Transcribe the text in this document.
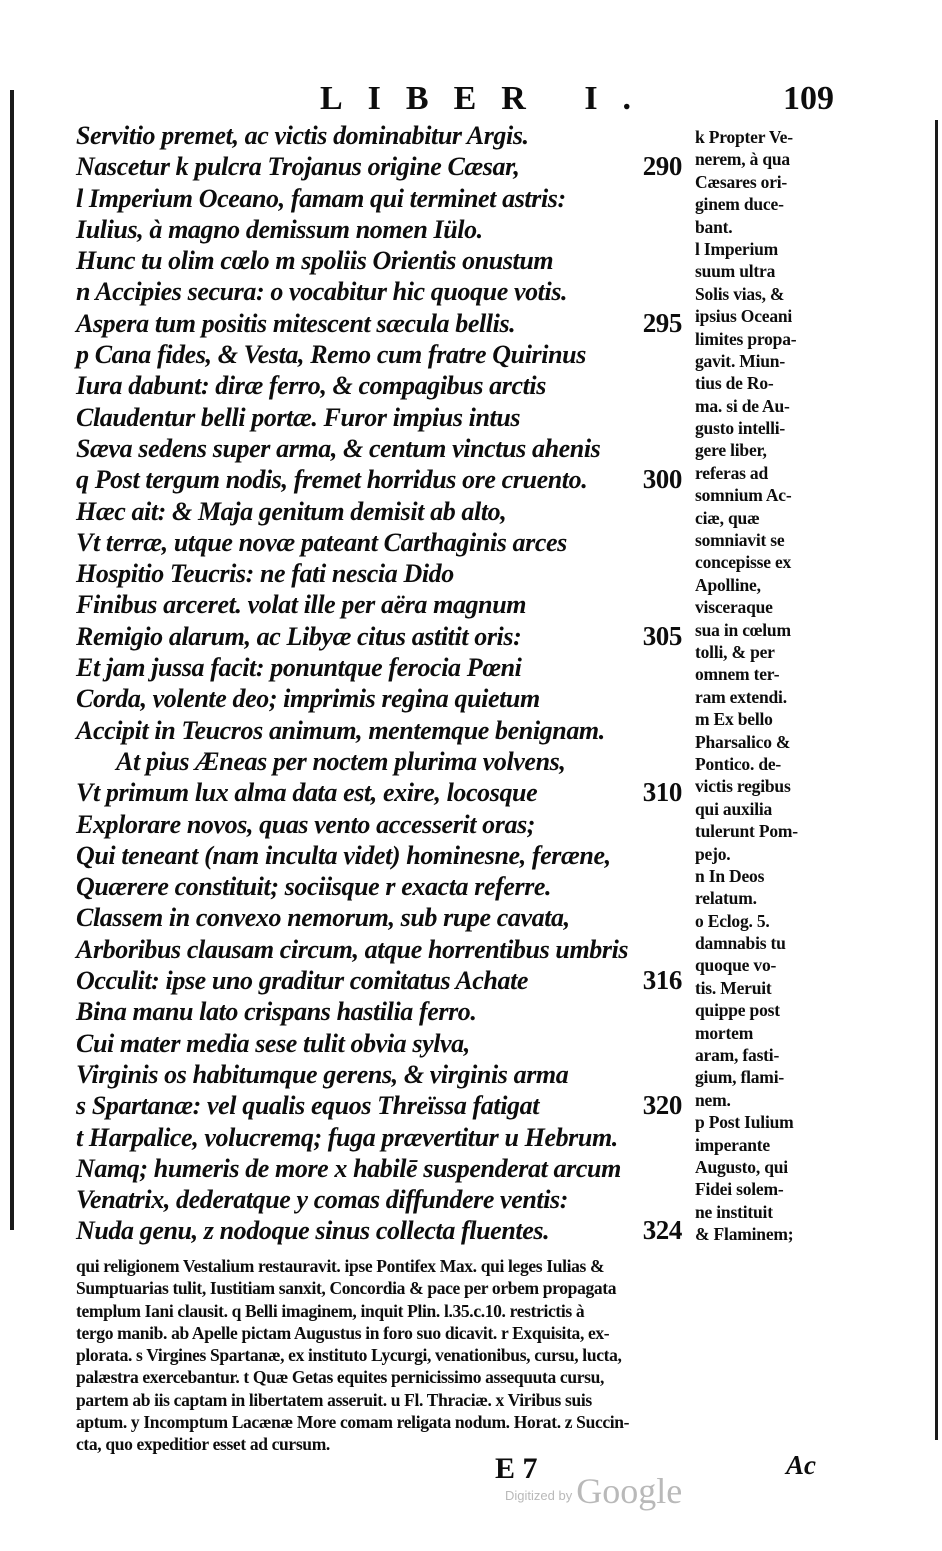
LIBER I.	109
Servitio premet, ac victis dominabitur Argis.
Nascetur k pulcra Trojanus origine Cæsar,	290
l Imperium Oceano, famam qui terminet astris:
Iulius, à magno demissum nomen Iülo.
Hunc tu olim cœlo m spoliis Orientis onustum
n Accipies secura: o vocabitur hic quoque votis.
Aspera tum positis mitescent sæcula bellis.	295
p Cana fides, & Vesta, Remo cum fratre Quirinus
Iura dabunt: diræ ferro, & compagibus arctis
Claudentur belli portæ. Furor impius intus
Sæva sedens super arma, & centum vinctus ahenis
q Post tergum nodis, fremet horridus ore cruento. 300
Hæc ait: & Maja genitum demisit ab alto,
Vt terræ, utque novæ pateant Carthaginis arces
Hospitio Teucris: ne fati nescia Dido
Finibus arceret. volat ille per aëra magnum
Remigio alarum, ac Libyæ citus astitit oris:	305
Et jam jussa facit: ponuntque ferocia Pœni
Corda, volente deo; imprimis regina quietum
Accipit in Teucros animum, mentemque benignam.
At pius Æneas per noctem plurima volvens,
Vt primum lux alma data est, exire, locosque	310
Explorare novos, quas vento accesserit oras;
Qui teneant (nam inculta videt) hominesne, feræne,
Quærere constituit; sociisque r exacta referre.
Classem in convexo nemorum, sub rupe cavata,
Arboribus clausam circum, atque horrentibus umbris
Occulit: ipse uno graditur comitatus Achate	316
Bina manu lato crispans hastilia ferro.
Cui mater media sese tulit obvia sylva,
Virginis os habitumque gerens, & virginis arma
s Spartanæ: vel qualis equos Threïssa fatigat	320
t Harpalice, volucremq; fuga prævertitur u Hebrum.
Namq; humeris de more x habilē suspenderat arcum
Venatrix, dederatque y comas diffundere ventis:
Nuda genu, z nodoque sinus collecta fluentes.	324
k Propter Ve-
nerem, à qua
Cæsares ori-
ginem duce-
bant.
l Imperium
suum ultra
Solis vias, &
ipsius Oceani
limites propa-
gavit. Miun-
tius de Ro-
ma. si de Au-
gusto intelli-
gere liber,
referas ad
somnium Ac-
ciæ, quæ
somniavit se
concepisse ex
Apolline,
visceraque
sua in cœlum
tolli, & per
omnem ter-
ram extendi.
m Ex bello
Pharsalico &
Pontico. de-
victis regibus
qui auxilia
tulerunt Pom-
pejo.
n In Deos
relatum.
o Eclog. 5.
damnabis tu
quoque vo-
tis. Meruit
quippe post
mortem
aram, fasti-
gium, flami-
nem.
p Post Iulium
imperante
Augusto, qui
Fidei solem-
ne instituit
& Flaminem;
qui religionem Vestalium restauravit. ipse Pontifex Max. qui leges Iulias &
Sumptuarias tulit, Iustitiam sanxit, Concordia & pace per orbem propagata
templum Iani clausit. q Belli imaginem, inquit Plin. l.35.c.10. restrictis à
tergo manib. ab Apelle pictam Augustus in foro suo dicavit. r Exquisita, ex-
plorata. s Virgines Spartanæ, ex instituto Lycurgi, venationibus, cursu, lucta,
palæstra exercebantur. t Quæ Getas equites pernicissimo assequuta cursu,
partem ab iis captam in libertatem asseruit. u Fl. Thraciæ. x Viribus suis
aptum. y Incomptum Lacænæ More comam religata nodum. Horat. z Succin-
cta, quo expeditior esset ad cursum.
E 7	Ac
Digitized by Google
